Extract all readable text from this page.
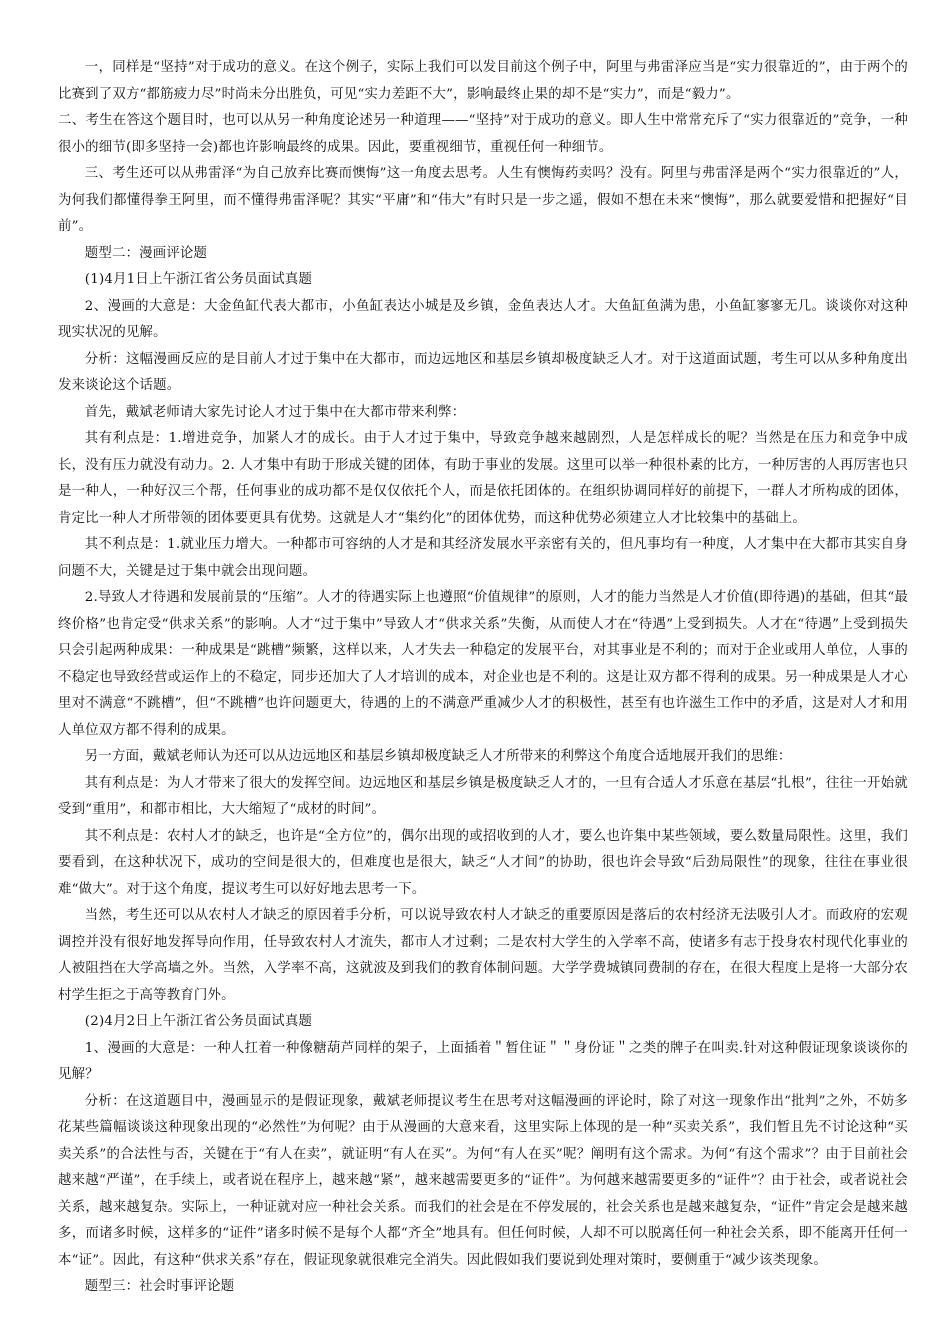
一，同样是“坚持”对于成功的意义。在这个例子，实际上我们可以发目前这个例子中，阿里与弗雷泽应当是“实力很靠近的”，由于两个的比赛到了双方“都筋疲力尽”时尚未分出胜负，可见“实力差距不大”，影响最终止果的却不是“实力”，而是“毅力”。

二、考生在答这个题目时，也可以从另一种角度论述另一种道理——“坚持”对于成功的意义。即人生中常常充斥了“实力很靠近的”竞争，一种很小的细节(即多坚持一会)都也许影响最终的成果。因此，要重视细节，重视任何一种细节。

三、考生还可以从弗雷泽“为自己放弃比赛而懊悔”这一角度去思考。人生有懊悔药卖吗？没有。阿里与弗雷泽是两个“实力很靠近的”人，为何我们都懂得拳王阿里，而不懂得弗雷泽呢？其实“平庸”和“伟大”有时只是一步之遥，假如不想在未来“懊悔”，那么就要爱惜和把握好“目前”。

题型二：漫画评论题

(1)4月1日上午浙江省公务员面试真题

2、漫画的大意是：大金鱼缸代表大都市，小鱼缸表达小城是及乡镇，金鱼表达人才。大鱼缸鱼满为患，小鱼缸寥寥无几。谈谈你对这种现实状况的见解。

分析：这幅漫画反应的是目前人才过于集中在大都市，而边远地区和基层乡镇却极度缺乏人才。对于这道面试题，考生可以从多种角度出发来谈论这个话题。

首先，戴斌老师请大家先讨论人才过于集中在大都市带来利弊：

其有利点是：1.增进竞争，加紧人才的成长。由于人才过于集中，导致竞争越来越剧烈，人是怎样成长的呢？当然是在压力和竞争中成长，没有压力就没有动力。2. 人才集中有助于形成关键的团体，有助于事业的发展。这里可以举一种很朴素的比方，一种厉害的人再厉害也只是一种人，一种好汉三个帮，任何事业的成功都不是仅仅依托个人，而是依托团体的。在组织协调同样好的前提下，一群人才所构成的团体，肯定比一种人才所带领的团体要更具有优势。这就是人才“集约化”的团体优势，而这种优势必须建立人才比较集中的基础上。

其不利点是：1.就业压力增大。一种都市可容纳的人才是和其经济发展水平亲密有关的，但凡事均有一种度，人才集中在大都市其实自身问题不大，关键是过于集中就会出现问题。

2.导致人才待遇和发展前景的“压缩”。人才的待遇实际上也遵照“价值规律”的原则，人才的能力当然是人才价值(即待遇)的基础，但其“最终价格”也肯定受“供求关系”的影响。人才“过于集中”导致人才“供求关系”失衡，从而使人才在“待遇”上受到损失。人才在“待遇”上受到损失只会引起两种成果：一种成果是“跳槽”频繁，这样以来，人才失去一种稳定的发展平台，对其事业是不利的；而对于企业或用人单位，人事的不稳定也导致经营或运作上的不稳定，同步还加大了人才培训的成本，对企业也是不利的。这是让双方都不得利的成果。另一种成果是人才心里对不满意“不跳槽”，但“不跳槽”也许问题更大，待遇的上的不满意严重减少人才的积极性，甚至有也许滋生工作中的矛盾，这是对人才和用人单位双方都不得利的成果。

另一方面，戴斌老师认为还可以从边远地区和基层乡镇却极度缺乏人才所带来的利弊这个角度合适地展开我们的思维：

其有利点是：为人才带来了很大的发挥空间。边远地区和基层乡镇是极度缺乏人才的，一旦有合适人才乐意在基层“扎根”，往往一开始就受到“重用”，和都市相比，大大缩短了“成材的时间”。

其不利点是：农村人才的缺乏，也许是“全方位”的，偶尔出现的或招收到的人才，要么也许集中某些领域，要么数量局限性。这里，我们要看到，在这种状况下，成功的空间是很大的，但难度也是很大，缺乏“人才间”的协助，很也许会导致“后劲局限性”的现象，往往在事业很难“做大”。对于这个角度，提议考生可以好好地去思考一下。

当然，考生还可以从农村人才缺乏的原因着手分析，可以说导致农村人才缺乏的重要原因是落后的农村经济无法吸引人才。而政府的宏观调控并没有很好地发挥导向作用，任导致农村人才流失，都市人才过剩；二是农村大学生的入学率不高，使诸多有志于投身农村现代化事业的人被阻挡在大学高墙之外。当然，入学率不高，这就波及到我们的教育体制问题。大学学费城镇同费制的存在，在很大程度上是将一大部分农村学生拒之于高等教育门外。

(2)4月2日上午浙江省公务员面试真题

1、漫画的大意是：一种人扛着一种像糖葫芦同样的架子，上面插着＂暂住证＂＂身份证＂之类的牌子在叫卖.针对这种假证现象谈谈你的见解？

分析：在这道题目中，漫画显示的是假证现象，戴斌老师提议考生在思考对这幅漫画的评论时，除了对这一现象作出“批判”之外，不妨多花某些篇幅谈谈这种现象出现的“必然性”为何呢？由于从漫画的大意来看，这里实际上体现的是一种“买卖关系”，我们暂且先不讨论这种“买卖关系”的合法性与否，关键在于“有人在卖”，就证明“有人在买”。为何“有人在买”呢？阐明有这个需求。为何“有这个需求”？由于目前社会越来越“严谨”，在手续上，或者说在程序上，越来越“紧”，越来越需要更多的“证件”。为何越来越需要更多的“证件”？由于社会，或者说社会关系，越来越复杂。实际上，一种证就对应一种社会关系。而我们的社会是在不停发展的，社会关系也是越来越复杂，“证件”肯定会是越来越多，而诸多时候，这样多的“证件”诸多时候不是每个人都“齐全”地具有。但任何时候，人却不可以脱离任何一种社会关系，即不能离开任何一本“证”。因此，有这种“供求关系”存在，假证现象就很难完全消失。因此假如我们要说到处理对策时，要侧重于“减少该类现象。

题型三：社会时事评论题
